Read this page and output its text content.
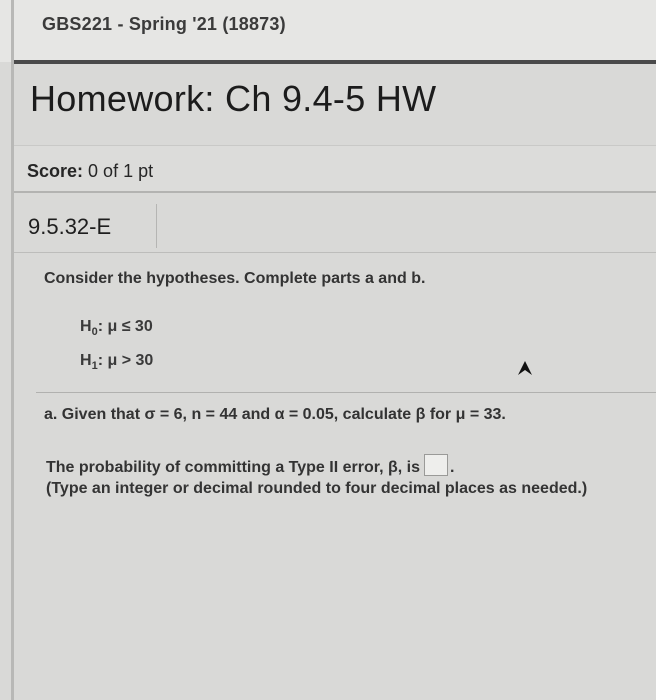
GBS221 - Spring '21 (18873)
Homework: Ch 9.4-5 HW
Score: 0 of 1 pt
9.5.32-E
Consider the hypotheses. Complete parts a and b.
$H_0$: μ ≤ 30
$H_1$: μ > 30
a. Given that σ = 6, n = 44 and α = 0.05, calculate β for μ = 33.
The probability of committing a Type II error, β, is .
(Type an integer or decimal rounded to four decimal places as needed.)
